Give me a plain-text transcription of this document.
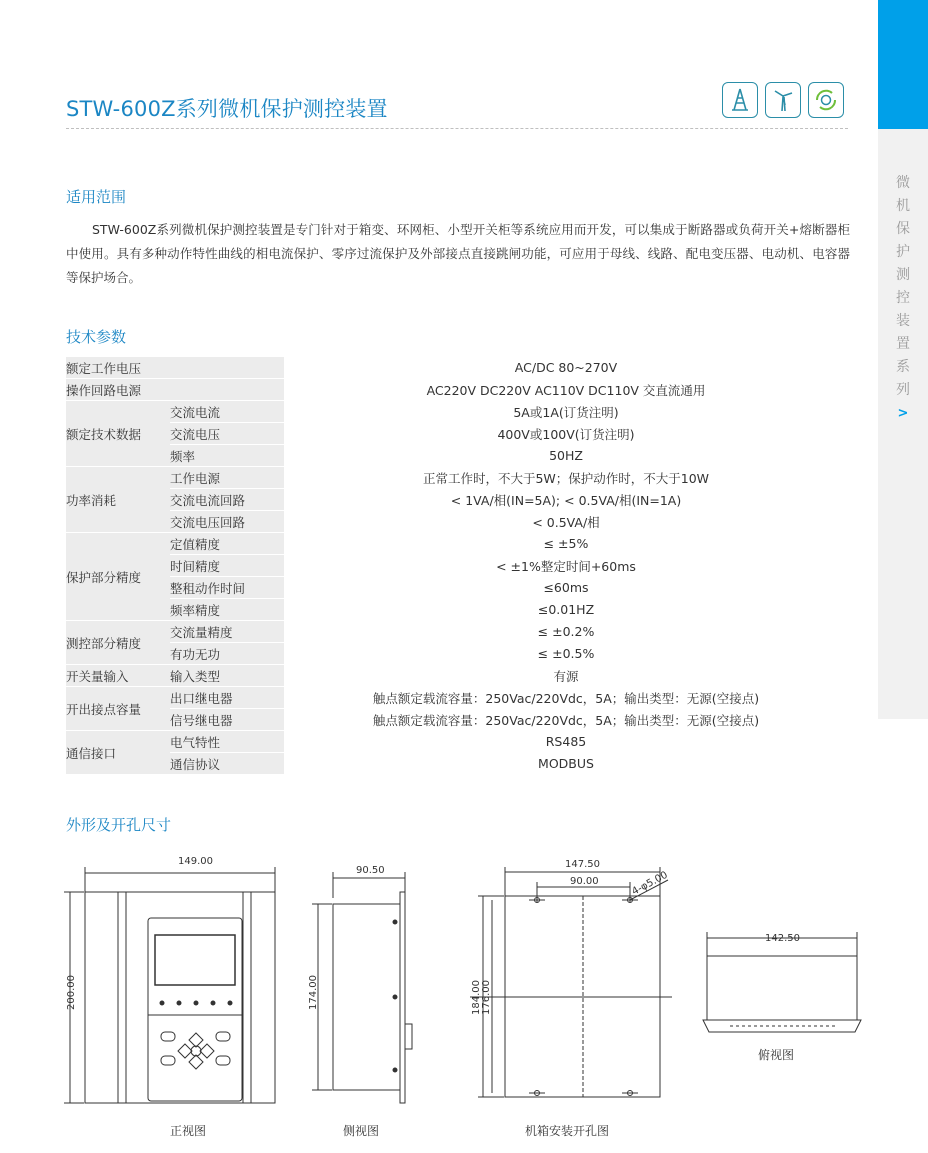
微
机
保
护
测
控
装
置
系
列
>
STW-600Z系列微机保护测控装置

适用范围
STW-600Z系列微机保护测控装置是专门针对于箱变、环网柜、小型开关柜等系统应用而开发，可以集成于断路器或负荷开关+熔断器柜中使用。具有多种动作特性曲线的相电流保护、零序过流保护及外部接点直接跳闸功能，可应用于母线、线路、配电变压器、电动机、电容器等保护场合。
技术参数
额定工作电压		AC/DC 80~270V
操作回路电源		AC220V DC220V AC110V DC110V 交直流通用
额定技术数据	交流电流	5A或1A(订货注明)
	交流电压	400V或100V(订货注明)
	频率	50HZ
功率消耗	工作电源	正常工作时，不大于5W；保护动作时，不大于10W
	交流电流回路	< 1VA/相(IN=5A); < 0.5VA/相(IN=1A)
	交流电压回路	< 0.5VA/相
保护部分精度	定值精度	≤ ±5%
	时间精度	< ±1%整定时间+60ms
	整租动作时间	≤60ms
	频率精度	≤0.01HZ
测控部分精度	交流量精度	≤ ±0.2%
	有功无功	≤ ±0.5%
开关量输入	输入类型	有源
开出接点容量	出口继电器	触点额定载流容量：250Vac/220Vdc，5A；输出类型：无源(空接点)
	信号继电器	触点额定载流容量：250Vac/220Vdc，5A；输出类型：无源(空接点)
通信接口	电气特性	RS485
	通信协议	MODBUS
外形及开孔尺寸
149.00
200.00
90.50
174.00
147.50
90.00	4-φ5.00
184.00 176.00
142.50
正视图	侧视图	机箱安装开孔图
俯视图
